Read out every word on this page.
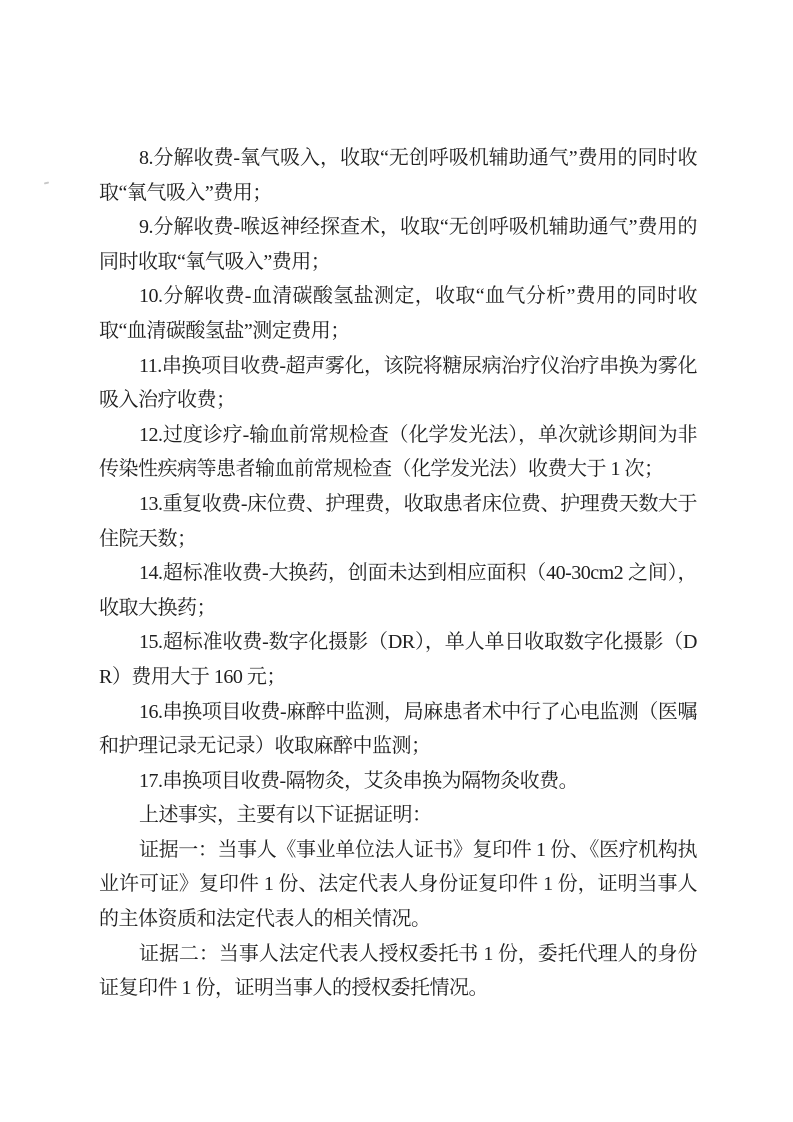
8.分解收费-氧气吸入，收取“无创呼吸机辅助通气”费用的同时收取“氧气吸入”费用；

9.分解收费-喉返神经探查术，收取“无创呼吸机辅助通气”费用的同时收取“氧气吸入”费用；

10.分解收费-血清碳酸氢盐测定，收取“血气分析”费用的同时收取“血清碳酸氢盐”测定费用；

11.串换项目收费-超声雾化，该院将糖尿病治疗仪治疗串换为雾化吸入治疗收费；

12.过度诊疗-输血前常规检查（化学发光法），单次就诊期间为非传染性疾病等患者输血前常规检查（化学发光法）收费大于 1 次；

13.重复收费-床位费、护理费，收取患者床位费、护理费天数大于住院天数；

14.超标准收费-大换药，创面未达到相应面积（40-30cm2 之间），收取大换药；

15.超标准收费-数字化摄影（DR），单人单日收取数字化摄影（DR）费用大于 160 元；

16.串换项目收费-麻醉中监测，局麻患者术中行了心电监测（医嘱和护理记录无记录）收取麻醉中监测；

17.串换项目收费-隔物灸，艾灸串换为隔物灸收费。

上述事实，主要有以下证据证明：

证据一：当事人《事业单位法人证书》复印件 1 份、《医疗机构执业许可证》复印件 1 份、法定代表人身份证复印件 1 份，证明当事人的主体资质和法定代表人的相关情况。

证据二：当事人法定代表人授权委托书 1 份，委托代理人的身份证复印件 1 份，证明当事人的授权委托情况。
